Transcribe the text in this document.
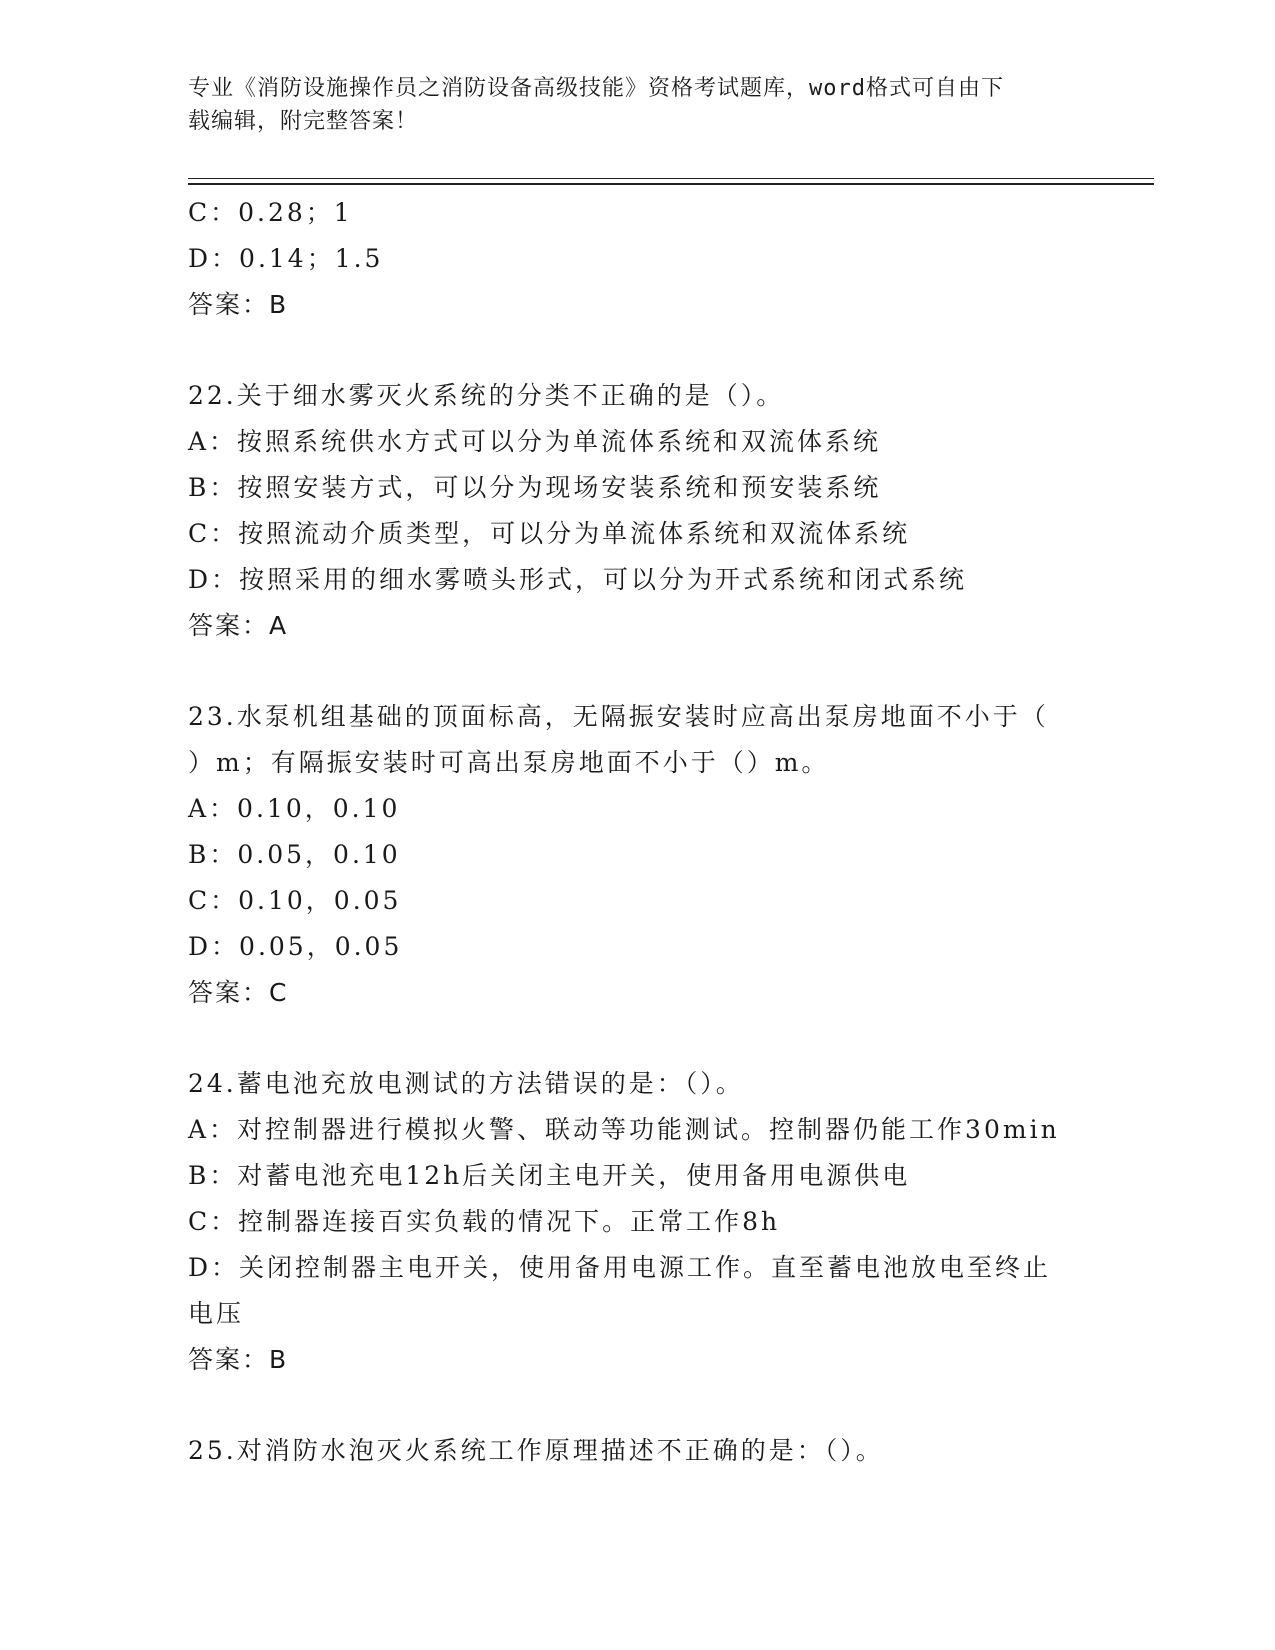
专业《消防设施操作员之消防设备高级技能》资格考试题库，word格式可自由下
载编辑，附完整答案！
C：0.28；1
D：0.14；1.5
答案：B
22.关于细水雾灭火系统的分类不正确的是（）。
A：按照系统供水方式可以分为单流体系统和双流体系统
B：按照安装方式，可以分为现场安装系统和预安装系统
C：按照流动介质类型，可以分为单流体系统和双流体系统
D：按照采用的细水雾喷头形式，可以分为开式系统和闭式系统
答案：A
23.水泵机组基础的顶面标高，无隔振安装时应高出泵房地面不小于（
）m；有隔振安装时可高出泵房地面不小于（）m。
A：0.10，0.10
B：0.05，0.10
C：0.10，0.05
D：0.05，0.05
答案：C
24.蓄电池充放电测试的方法错误的是：（）。
A：对控制器进行模拟火警、联动等功能测试。控制器仍能工作30min
B：对蓄电池充电12h后关闭主电开关，使用备用电源供电
C：控制器连接百实负载的情况下。正常工作8h
D：关闭控制器主电开关，使用备用电源工作。直至蓄电池放电至终止
电压
答案：B
25.对消防水泡灭火系统工作原理描述不正确的是：（）。
